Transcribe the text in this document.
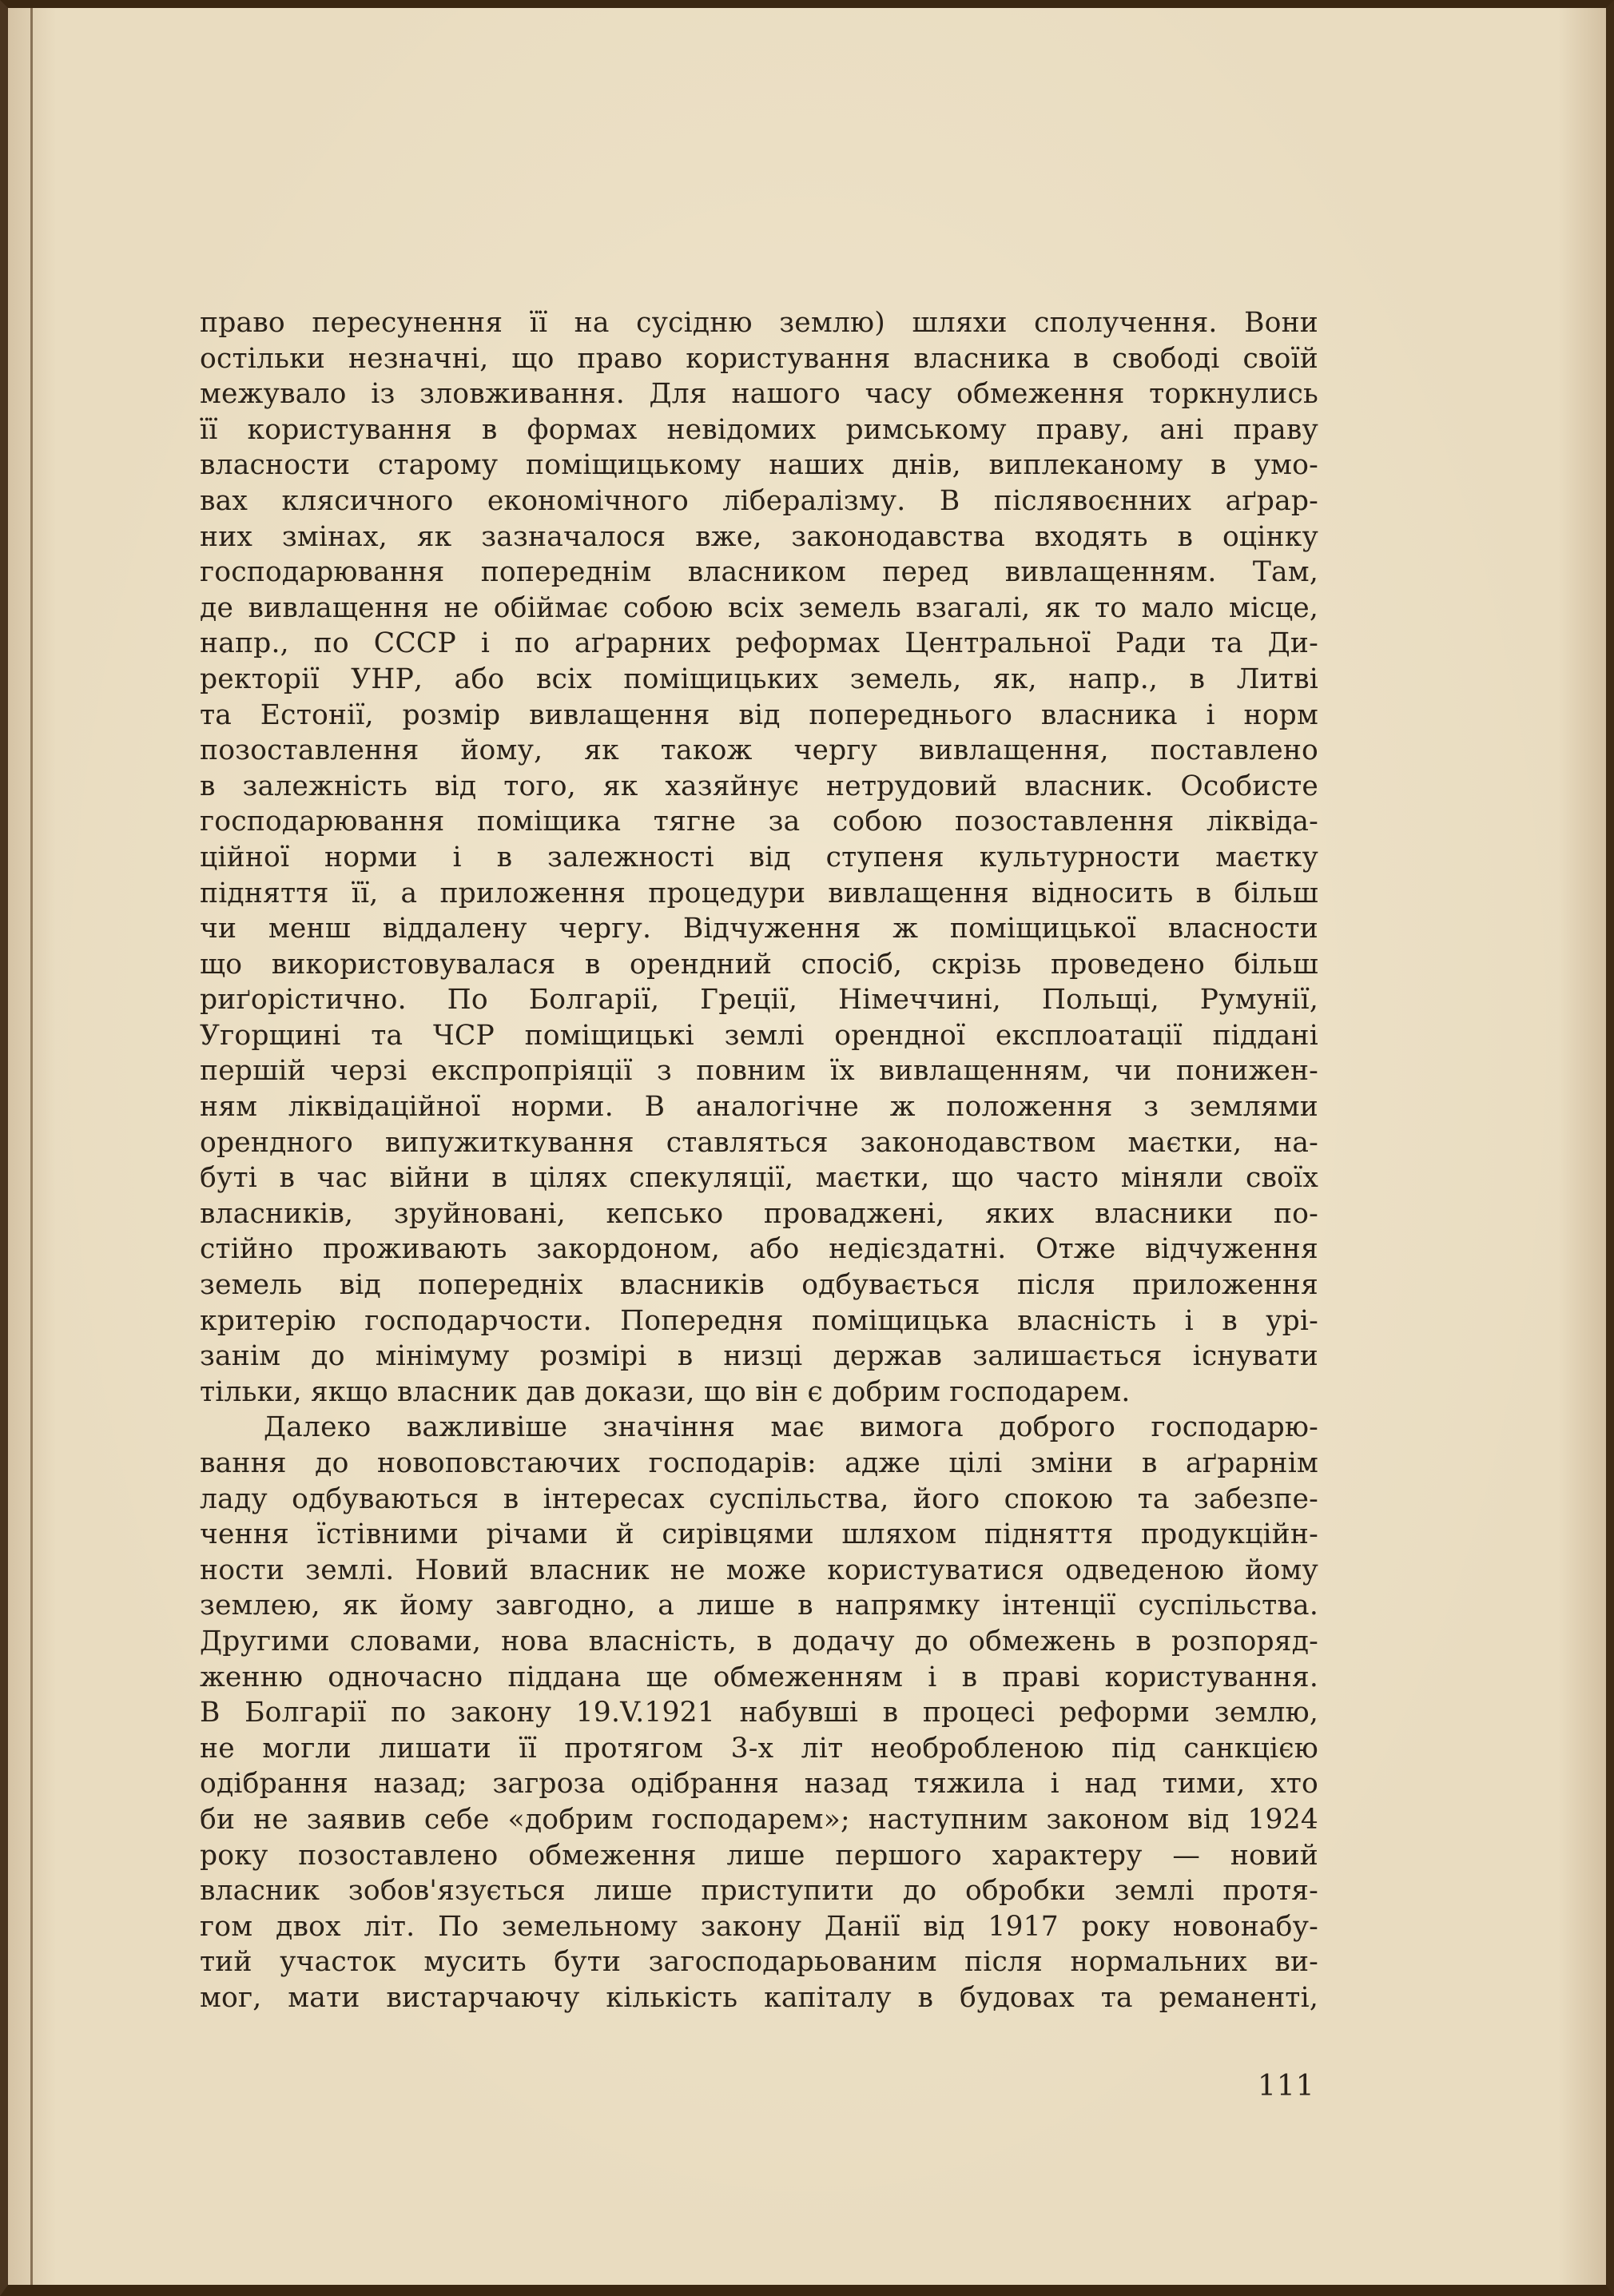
право пересунення її на сусідню землю) шляхи сполучення. Вони
остільки незначні, що право користування власника в свободі своїй
межувало із зловживання. Для нашого часу обмеження торкнулись
її користування в формах невідомих римському праву, ані праву
власности старому поміщицькому наших днів, виплеканому в умо-
вах клясичного економічного лібералізму. В післявоєнних аґрар-
них змінах, як зазначалося вже, законодавства входять в оцінку
господарювання попереднім власником перед вивлащенням. Там,
де вивлащення не обіймає собою всіх земель взагалі, як то мало місце,
напр., по СССР і по аґрарних реформах Центральної Ради та Ди-
ректорії УНР, або всіх поміщицьких земель, як, напр., в Литві
та Естонії, розмір вивлащення від попереднього власника і норм
позоставлення йому, як також чергу вивлащення, поставлено
в залежність від того, як хазяйнує нетрудовий власник. Особисте
господарювання поміщика тягне за собою позоставлення ліквіда-
ційної норми і в залежності від ступеня культурности маєтку
підняття її, а приложення процедури вивлащення відносить в більш
чи менш віддалену чергу. Відчуження ж поміщицької власности
що використовувалася в орендний спосіб, скрізь проведено більш
риґорістично. По Болгарії, Греції, Німеччині, Польщі, Румунії,
Угорщині та ЧСР поміщицькі землі орендної експлоатації піддані
першій черзі експропріяції з повним їх вивлащенням, чи понижен-
ням ліквідаційної норми. В аналогічне ж положення з землями
орендного випужиткування ставляться законодавством маєтки, на-
буті в час війни в цілях спекуляції, маєтки, що часто міняли своїх
власників, зруйновані, кепсько проваджені, яких власники по-
стійно проживають закордоном, або недієздатні. Отже відчуження
земель від попередніх власників одбувається після приложення
критерію господарчости. Попередня поміщицька власність і в урі-
занім до мінімуму розмірі в низці держав залишається існувати
тільки, якщо власник дав докази, що він є добрим господарем.
Далеко важливіше значіння має вимога доброго господарю-
вання до новоповстаючих господарів: адже цілі зміни в аґрарнім
ладу одбуваються в інтересах суспільства, його спокою та забезпе-
чення їстівними річами й сирівцями шляхом підняття продукційн-
ности землі. Новий власник не може користуватися одведеною йому
землею, як йому завгодно, а лише в напрямку інтенції суспільства.
Другими словами, нова власність, в додачу до обмежень в розпоряд-
женню одночасно піддана ще обмеженням і в праві користування.
В Болгарії по закону 19.V.1921 набувші в процесі реформи землю,
не могли лишати її протягом 3-х літ необробленою під санкцією
одібрання назад; загроза одібрання назад тяжила і над тими, хто
би не заявив себе «добрим господарем»; наступним законом від 1924
року позоставлено обмеження лише першого характеру — новий
власник зобов'язується лише приступити до обробки землі протя-
гом двох літ. По земельному закону Данії від 1917 року новонабу-
тий участок мусить бути загосподарьованим після нормальних ви-
мог, мати вистарчаючу кількість капіталу в будовах та реманенті,
111
